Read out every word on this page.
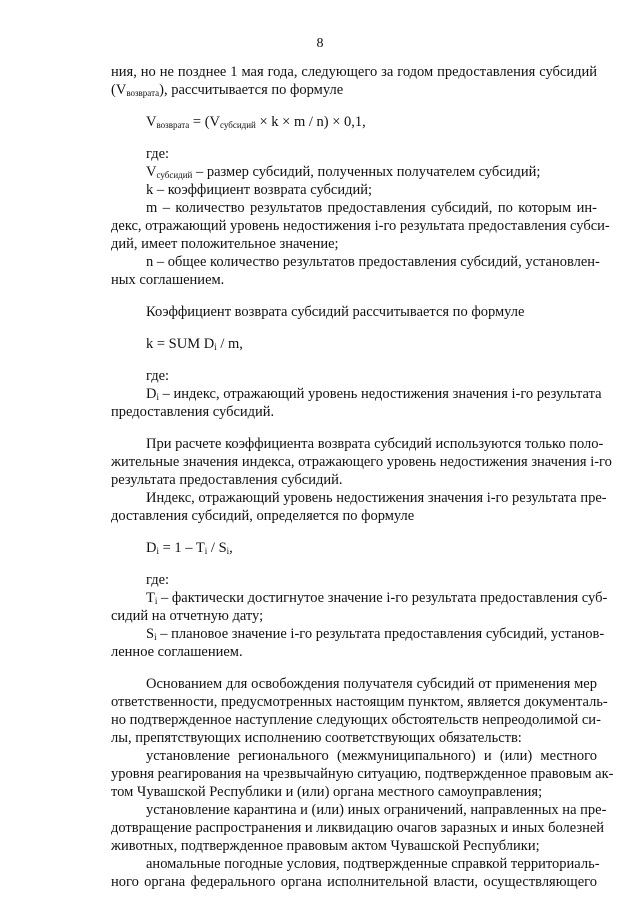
8
ния, но не позднее 1 мая года, следующего за годом предоставления субсидий
$(V_{возврата})$, рассчитывается по формуле
$V_{возврата} = (V_{субсидий} \times k \times m / n) \times 0,1$,
где:
$V_{субсидий}$ – размер субсидий, полученных получателем субсидий;
k – коэффициент возврата субсидий;
m – количество результатов предоставления субсидий, по которым ин-
декс, отражающий уровень недостижения i-го результата предоставления субси-
дий, имеет положительное значение;
n – общее количество результатов предоставления субсидий, установлен-
ных соглашением.
Коэффициент возврата субсидий рассчитывается по формуле
k = SUM $D_i$ / m,
где:
$D_i$ – индекс, отражающий уровень недостижения значения i-го результата
предоставления субсидий.
При расчете коэффициента возврата субсидий используются только поло-
жительные значения индекса, отражающего уровень недостижения значения i-го
результата предоставления субсидий.
Индекс, отражающий уровень недостижения значения i-го результата пре-
доставления субсидий, определяется по формуле
$D_i = 1 - T_i / S_i$,
где:
$T_i$ – фактически достигнутое значение i-го результата предоставления суб-
сидий на отчетную дату;
$S_i$ – плановое значение i-го результата предоставления субсидий, установ-
ленное соглашением.
Основанием для освобождения получателя субсидий от применения мер
ответственности, предусмотренных настоящим пунктом, является документаль-
но подтвержденное наступление следующих обстоятельств непреодолимой си-
лы, препятствующих исполнению соответствующих обязательств:
установление регионального (межмуниципального) и (или) местного
уровня реагирования на чрезвычайную ситуацию, подтвержденное правовым ак-
том Чувашской Республики и (или) органа местного самоуправления;
установление карантина и (или) иных ограничений, направленных на пре-
дотвращение распространения и ликвидацию очагов заразных и иных болезней
животных, подтвержденное правовым актом Чувашской Республики;
аномальные погодные условия, подтвержденные справкой территориаль-
ного органа федерального органа исполнительной власти, осуществляющего
